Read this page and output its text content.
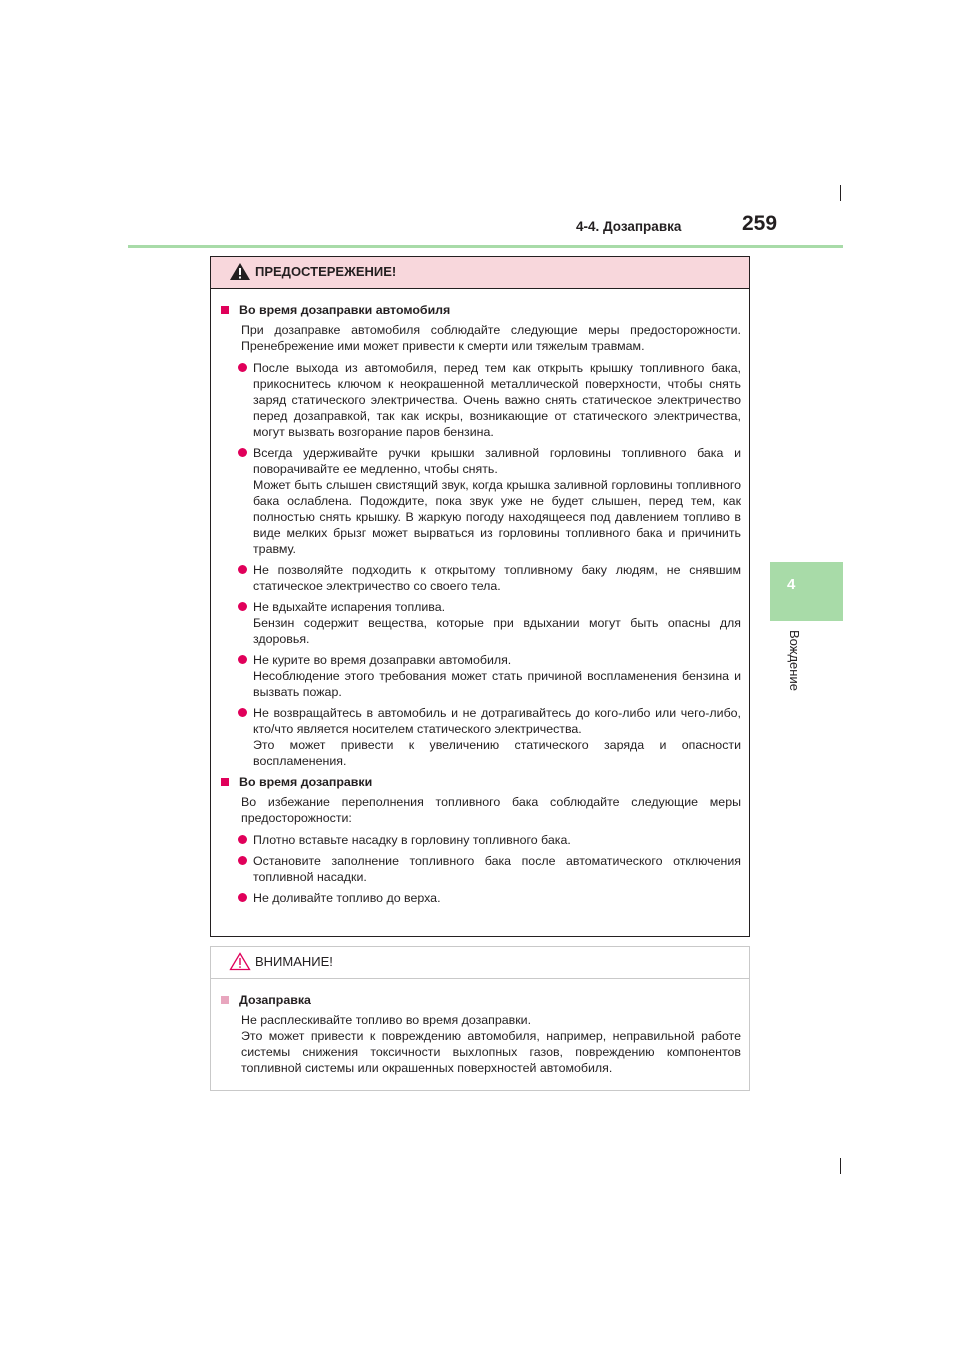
4-4. Дозаправка	259
4
Вождение
ПРЕДОСТЕРЕЖЕНИЕ!
Во время дозаправки автомобиля
При дозаправке автомобиля соблюдайте следующие меры предосторожности. Пренебрежение ими может привести к смерти или тяжелым травмам.
После выхода из автомобиля, перед тем как открыть крышку топливного бака, прикоснитесь ключом к неокрашенной металлической поверхности, чтобы снять заряд статического электричества. Очень важно снять статическое электричество перед дозаправкой, так как искры, возникающие от статического электричества, могут вызвать возгорание паров бензина.
Всегда удерживайте ручки крышки заливной горловины топливного бака и поворачивайте ее медленно, чтобы снять.
Может быть слышен свистящий звук, когда крышка заливной горловины топливного бака ослаблена. Подождите, пока звук уже не будет слышен, перед тем, как полностью снять крышку. В жаркую погоду находящееся под давлением топливо в виде мелких брызг может вырваться из горловины топливного бака и причинить травму.
Не позволяйте подходить к открытому топливному баку людям, не снявшим статическое электричество со своего тела.
Не вдыхайте испарения топлива.
Бензин содержит вещества, которые при вдыхании могут быть опасны для здоровья.
Не курите во время дозаправки автомобиля.
Несоблюдение этого требования может стать причиной воспламенения бензина и вызвать пожар.
Не возвращайтесь в автомобиль и не дотрагивайтесь до кого-либо или чего-либо, кто/что является носителем статического электричества.
Это может привести к увеличению статического заряда и опасности воспламенения.
Во время дозаправки
Во избежание переполнения топливного бака соблюдайте следующие меры предосторожности:
Плотно вставьте насадку в горловину топливного бака.
Остановите заполнение топливного бака после автоматического отключения топливной насадки.
Не доливайте топливо до верха.
ВНИМАНИЕ!
Дозаправка
Не расплескивайте топливо во время дозаправки.
Это может привести к повреждению автомобиля, например, неправильной работе системы снижения токсичности выхлопных газов, повреждению компонентов топливной системы или окрашенных поверхностей автомобиля.
